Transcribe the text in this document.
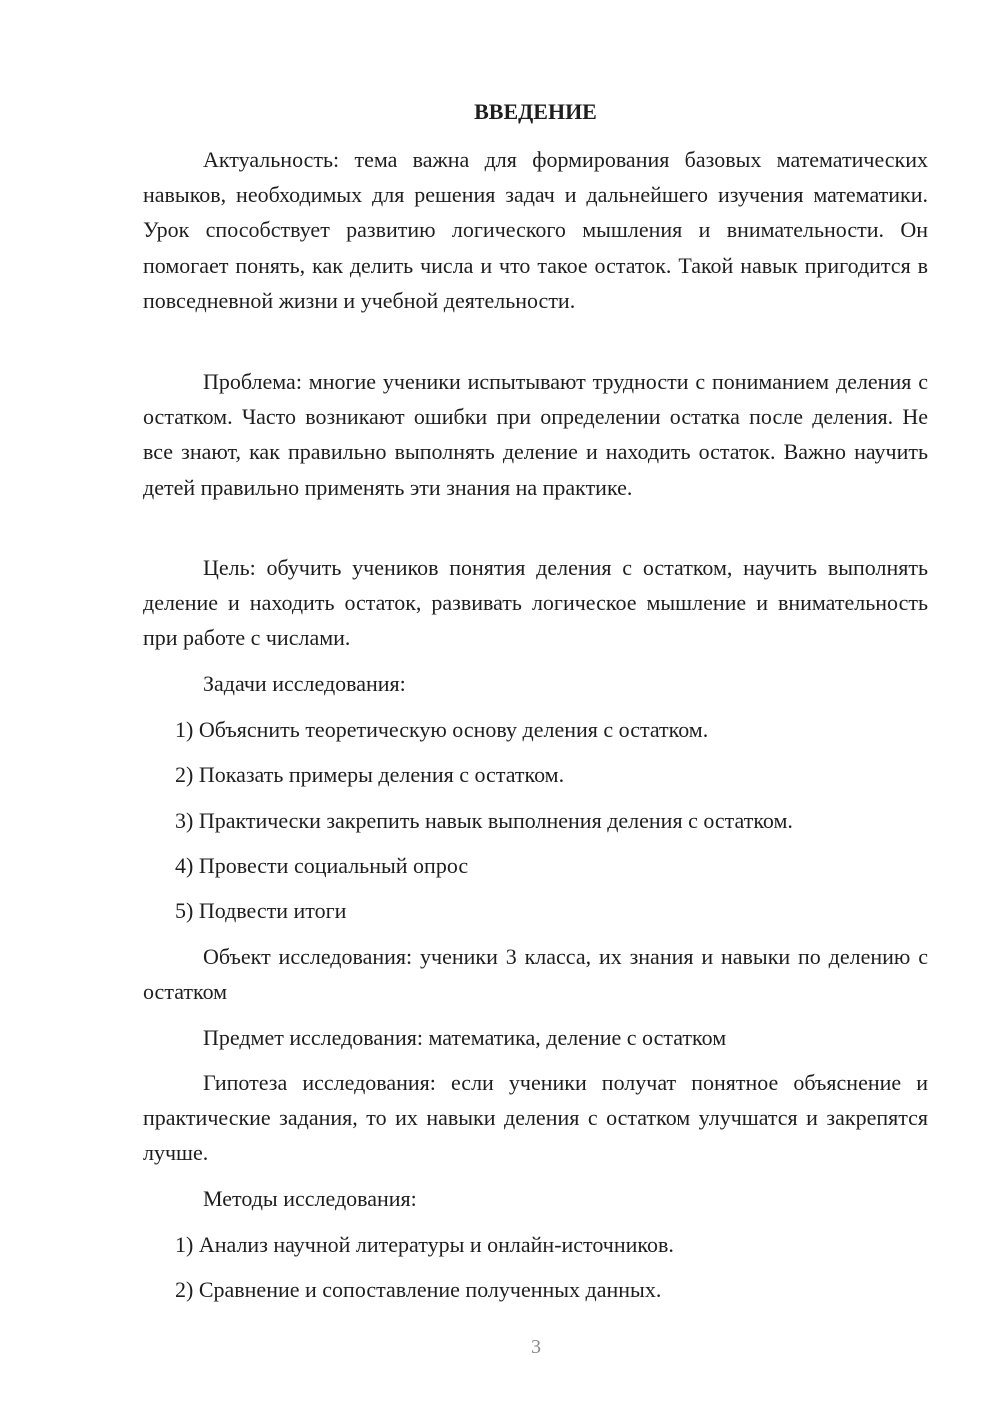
ВВЕДЕНИЕ

Актуальность: тема важна для формирования базовых математических навыков, необходимых для решения задач и дальнейшего изучения математики. Урок способствует развитию логического мышления и внимательности. Он помогает понять, как делить числа и что такое остаток. Такой навык пригодится в повседневной жизни и учебной деятельности.

Проблема: многие ученики испытывают трудности с пониманием деления с остатком. Часто возникают ошибки при определении остатка после деления. Не все знают, как правильно выполнять деление и находить остаток. Важно научить детей правильно применять эти знания на практике.

Цель: обучить учеников понятия деления с остатком, научить выполнять деление и находить остаток, развивать логическое мышление и внимательность при работе с числами.

Задачи исследования:

1) Объяснить теоретическую основу деления с остатком.

2) Показать примеры деления с остатком.

3) Практически закрепить навык выполнения деления с остатком.

4) Провести социальный опрос

5) Подвести итоги

Объект исследования: ученики 3 класса, их знания и навыки по делению с остатком

Предмет исследования: математика, деление с остатком

Гипотеза исследования: если ученики получат понятное объяснение и практические задания, то их навыки деления с остатком улучшатся и закрепятся лучше.

Методы исследования:

1) Анализ научной литературы и онлайн-источников.

2) Сравнение и сопоставление полученных данных.

3
